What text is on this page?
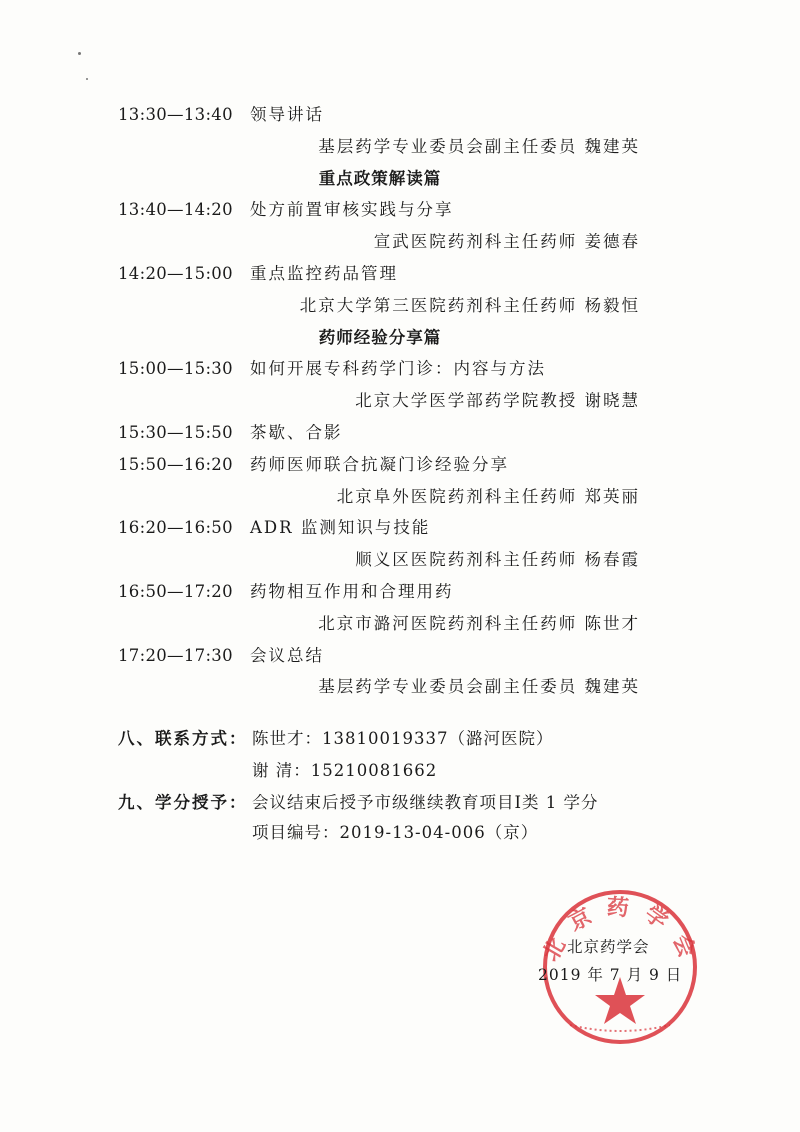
13:30—13:40 领导讲话
基层药学专业委员会副主任委员 魏建英
重点政策解读篇
13:40—14:20 处方前置审核实践与分享
宣武医院药剂科主任药师 姜德春
14:20—15:00 重点监控药品管理
北京大学第三医院药剂科主任药师 杨毅恒
药师经验分享篇
15:00—15:30 如何开展专科药学门诊：内容与方法
北京大学医学部药学院教授 谢晓慧
15:30—15:50 茶歇、合影
15:50—16:20 药师医师联合抗凝门诊经验分享
北京阜外医院药剂科主任药师 郑英丽
16:20—16:50 ADR 监测知识与技能
顺义区医院药剂科主任药师 杨春霞
16:50—17:20 药物相互作用和合理用药
北京市潞河医院药剂科主任药师 陈世才
17:20—17:30 会议总结
基层药学专业委员会副主任委员 魏建英
八、联系方式： 陈世才：13810019337（潞河医院）
谢 清：15210081662
九、学分授予： 会议结束后授予市级继续教育项目Ⅰ类 1 学分
项目编号：2019-13-04-006（京）
北京药学会
北京药学会
2019 年 7 月 9 日
